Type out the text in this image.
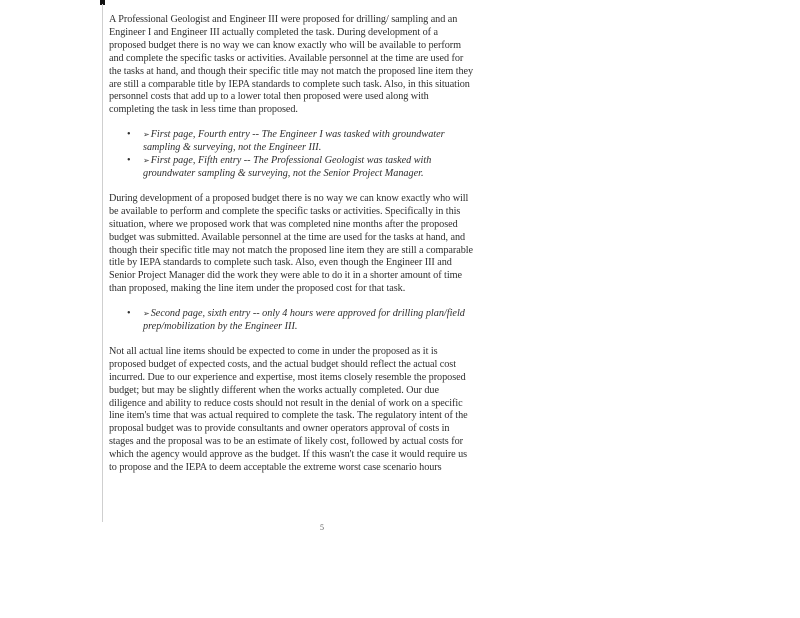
A Professional Geologist and Engineer III were proposed for drilling/ sampling and an Engineer I and Engineer III actually completed the task. During development of a proposed budget there is no way we can know exactly who will be available to perform and complete the specific tasks or activities. Available personnel at the time are used for the tasks at hand, and though their specific title may not match the proposed line item they are still a comparable title by IEPA standards to complete such task. Also, in this situation personnel costs that add up to a lower total then proposed were used along with completing the task in less time than proposed.

• ➢First page, Fourth entry -- The Engineer I was tasked with groundwater sampling & surveying, not the Engineer III.
• ➢First page, Fifth entry -- The Professional Geologist was tasked with groundwater sampling & surveying, not the Senior Project Manager.

During development of a proposed budget there is no way we can know exactly who will be available to perform and complete the specific tasks or activities. Specifically in this situation, where we proposed work that was completed nine months after the proposed budget was submitted. Available personnel at the time are used for the tasks at hand, and though their specific title may not match the proposed line item they are still a comparable title by IEPA standards to complete such task. Also, even though the Engineer III and Senior Project Manager did the work they were able to do it in a shorter amount of time than proposed, making the line item under the proposed cost for that task.

• ➢Second page, sixth entry -- only 4 hours were approved for drilling plan/field prep/mobilization by the Engineer III.

Not all actual line items should be expected to come in under the proposed as it is proposed budget of expected costs, and the actual budget should reflect the actual cost incurred. Due to our experience and expertise, most items closely resemble the proposed budget; but may be slightly different when the works actually completed. Our due diligence and ability to reduce costs should not result in the denial of work on a specific line item's time that was actual required to complete the task. The regulatory intent of the proposal budget was to provide consultants and owner operators approval of costs in stages and the proposal was to be an estimate of likely cost, followed by actual costs for which the agency would approve as the budget. If this wasn't the case it would require us to propose and the IEPA to deem acceptable the extreme worst case scenario hours

5
